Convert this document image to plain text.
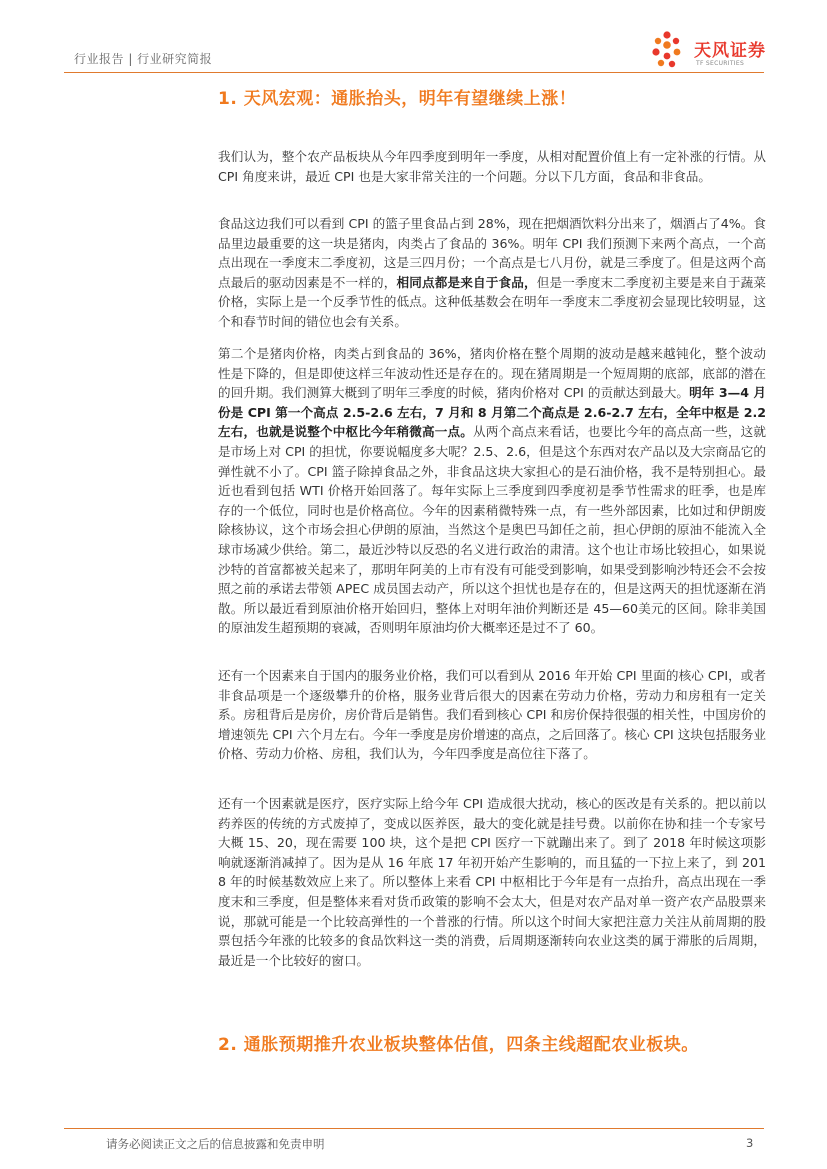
行业报告 | 行业研究简报	天风证券
TF SECURITIES
1. 天风宏观：通胀抬头，明年有望继续上涨！
我们认为，整个农产品板块从今年四季度到明年一季度，从相对配置价值上有一定补涨的行情。从 CPI 角度来讲，最近 CPI 也是大家非常关注的一个问题。分以下几方面，食品和非食品。
食品这边我们可以看到 CPI 的篮子里食品占到 28%，现在把烟酒饮料分出来了，烟酒占了4%。食品里边最重要的这一块是猪肉，肉类占了食品的 36%。明年 CPI 我们预测下来两个高点，一个高点出现在一季度末二季度初，这是三四月份；一个高点是七八月份，就是三季度了。但是这两个高点最后的驱动因素是不一样的，相同点都是来自于食品，但是一季度末二季度初主要是来自于蔬菜价格，实际上是一个反季节性的低点。这种低基数会在明年一季度末二季度初会显现比较明显，这个和春节时间的错位也会有关系。
第二个是猪肉价格，肉类占到食品的 36%，猪肉价格在整个周期的波动是越来越钝化，整个波动性是下降的，但是即使这样三年波动性还是存在的。现在猪周期是一个短周期的底部，底部的潜在的回升期。我们测算大概到了明年三季度的时候，猪肉价格对 CPI 的贡献达到最大。明年 3—4 月份是 CPI 第一个高点 2.5-2.6 左右，7 月和 8 月第二个高点是 2.6-2.7 左右，全年中枢是 2.2 左右，也就是说整个中枢比今年稍微高一点。从两个高点来看话，也要比今年的高点高一些，这就是市场上对 CPI 的担忧，你要说幅度多大呢？2.5、2.6，但是这个东西对农产品以及大宗商品它的弹性就不小了。CPI 篮子除掉食品之外，非食品这块大家担心的是石油价格，我不是特别担心。最近也看到包括 WTI 价格开始回落了。每年实际上三季度到四季度初是季节性需求的旺季，也是库存的一个低位，同时也是价格高位。今年的因素稍微特殊一点，有一些外部因素，比如过和伊朗废除核协议，这个市场会担心伊朗的原油，当然这个是奥巴马卸任之前，担心伊朗的原油不能流入全球市场减少供给。第二，最近沙特以反恐的名义进行政治的肃清。这个也让市场比较担心，如果说沙特的首富都被关起来了，那明年阿美的上市有没有可能受到影响，如果受到影响沙特还会不会按照之前的承诺去带领 APEC 成员国去动产，所以这个担忧也是存在的，但是这两天的担忧逐渐在消散。所以最近看到原油价格开始回归，整体上对明年油价判断还是 45—60美元的区间。除非美国的原油发生超预期的衰减，否则明年原油均价大概率还是过不了 60。
还有一个因素来自于国内的服务业价格，我们可以看到从 2016 年开始 CPI 里面的核心 CPI，或者非食品项是一个逐级攀升的价格，服务业背后很大的因素在劳动力价格，劳动力和房租有一定关系。房租背后是房价，房价背后是销售。我们看到核心 CPI 和房价保持很强的相关性，中国房价的增速领先 CPI 六个月左右。今年一季度是房价增速的高点，之后回落了。核心 CPI 这块包括服务业价格、劳动力价格、房租，我们认为，今年四季度是高位往下落了。
还有一个因素就是医疗，医疗实际上给今年 CPI 造成很大扰动，核心的医改是有关系的。把以前以药养医的传统的方式废掉了，变成以医养医，最大的变化就是挂号费。以前你在协和挂一个专家号大概 15、20，现在需要 100 块，这个是把 CPI 医疗一下就蹦出来了。到了 2018 年时候这项影响就逐渐消减掉了。因为是从 16 年底 17 年初开始产生影响的，而且猛的一下拉上来了，到 2018 年的时候基数效应上来了。所以整体上来看 CPI 中枢相比于今年是有一点抬升，高点出现在一季度末和三季度，但是整体来看对货币政策的影响不会太大，但是对农产品对单一资产农产品股票来说，那就可能是一个比较高弹性的一个普涨的行情。所以这个时间大家把注意力关注从前周期的股票包括今年涨的比较多的食品饮料这一类的消费，后周期逐渐转向农业这类的属于滞胀的后周期，最近是一个比较好的窗口。
2. 通胀预期推升农业板块整体估值，四条主线超配农业板块。
请务必阅读正文之后的信息披露和免责申明	3
